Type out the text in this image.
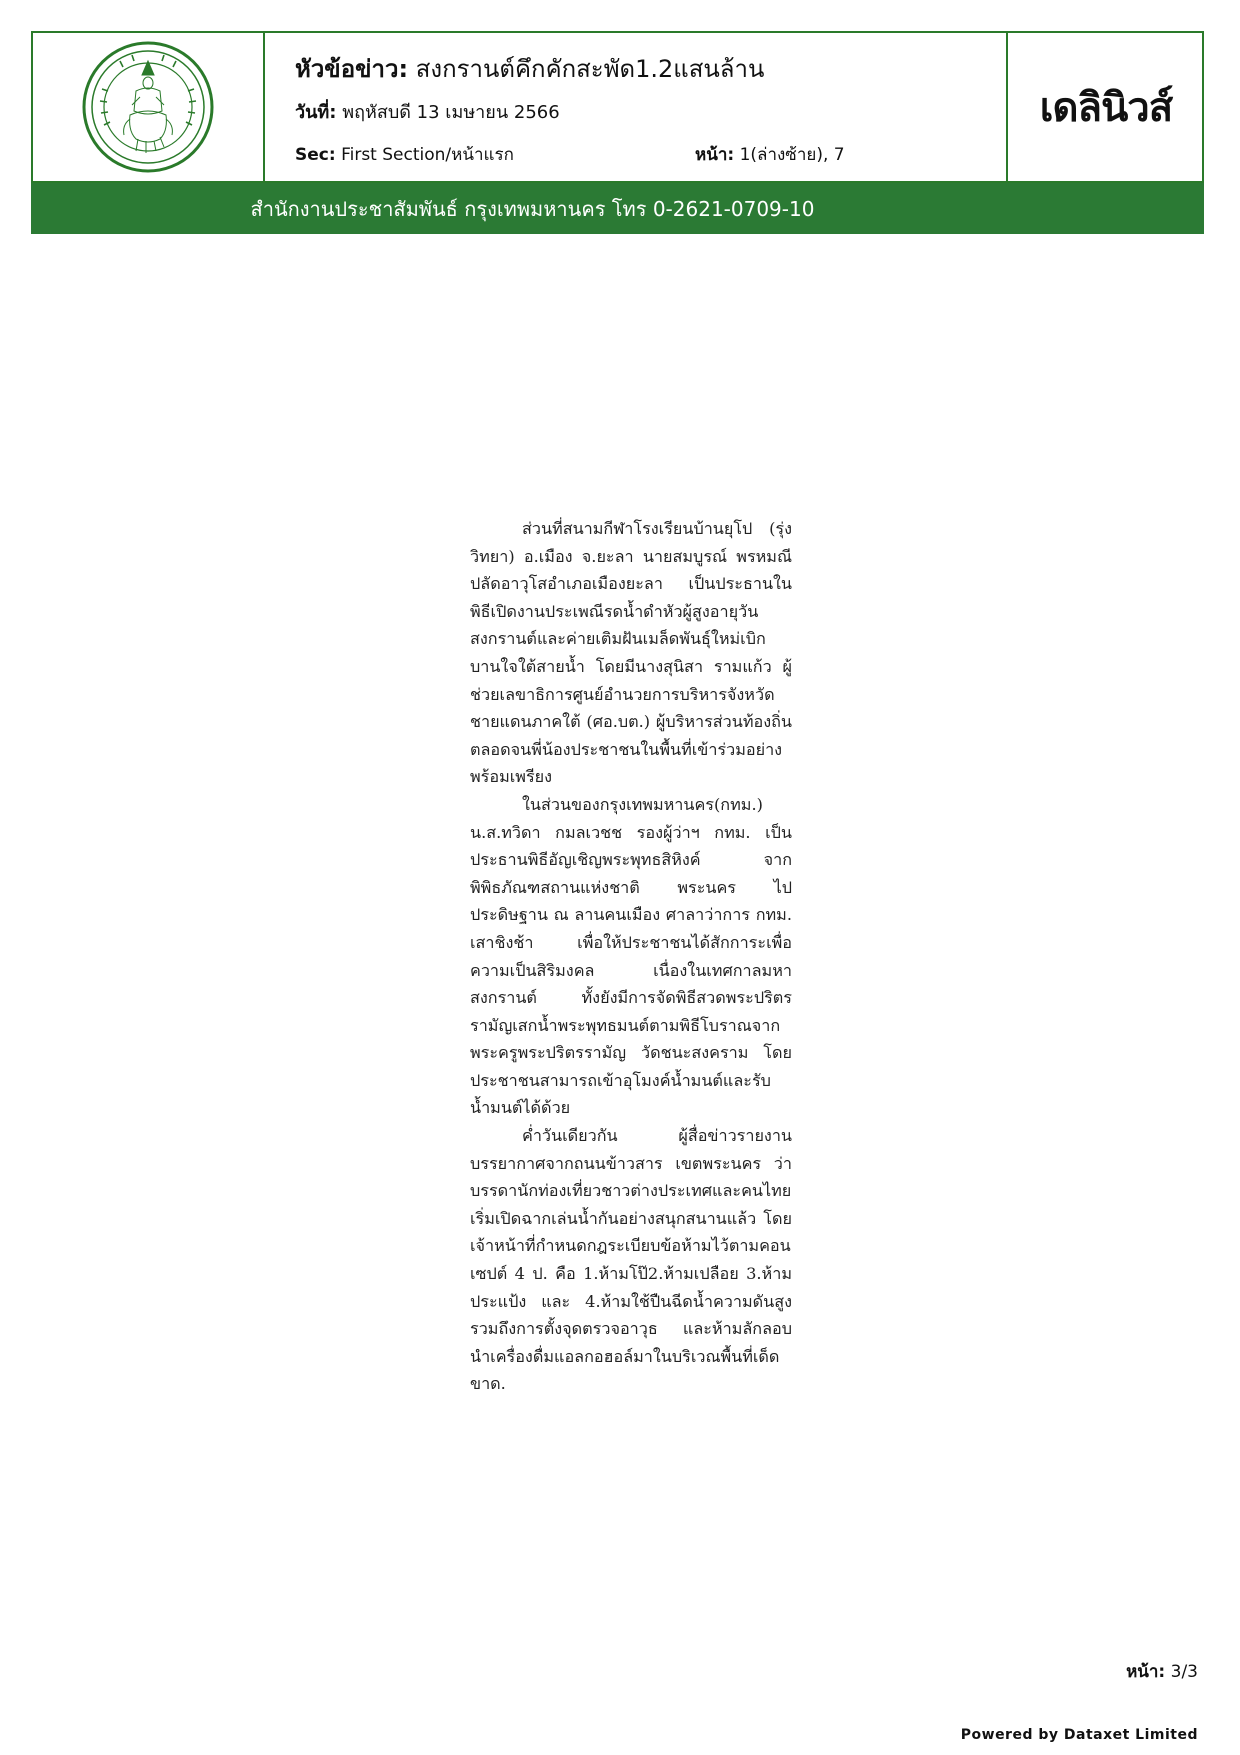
หัวข้อข่าว: สงกรานต์คึกคักสะพัด1.2แสนล้าน
วันที่: พฤหัสบดี 13 เมษายน 2566
Sec: First Section/หน้าแรก	หน้า: 1(ล่างซ้าย), 7
เดลินิวส์
สำนักงานประชาสัมพันธ์ กรุงเทพมหานคร โทร 0-2621-0709-10

ส่วนที่สนามกีฬาโรงเรียนบ้านยุโป (รุ่งวิทยา) อ.เมือง จ.ยะลา นายสมบูรณ์ พรหมณี ปลัดอาวุโสอำเภอเมืองยะลา เป็นประธานในพิธีเปิดงานประเพณีรดน้ำดำหัวผู้สูงอายุวันสงกรานต์และค่ายเติมฝันเมล็ดพันธุ์ใหม่เบิกบานใจใต้สายน้ำ โดยมีนางสุนิสา รามแก้ว ผู้ช่วยเลขาธิการศูนย์อำนวยการบริหารจังหวัดชายแดนภาคใต้ (ศอ.บต.) ผู้บริหารส่วนท้องถิ่น ตลอดจนพี่น้องประชาชนในพื้นที่เข้าร่วมอย่างพร้อมเพรียง

ในส่วนของกรุงเทพมหานคร(กทม.) น.ส.ทวิดา กมลเวชช รองผู้ว่าฯ กทม. เป็นประธานพิธีอัญเชิญพระพุทธสิหิงค์ จากพิพิธภัณฑสถานแห่งชาติ พระนคร ไปประดิษฐาน ณ ลานคนเมือง ศาลาว่าการ กทม. เสาชิงช้า เพื่อให้ประชาชนได้สักการะเพื่อความเป็นสิริมงคล เนื่องในเทศกาลมหาสงกรานต์ ทั้งยังมีการจัดพิธีสวดพระปริตรรามัญเสกน้ำพระพุทธมนต์ตามพิธีโบราณจากพระครูพระปริตรรามัญ วัดชนะสงคราม โดยประชาชนสามารถเข้าอุโมงค์น้ำมนต์และรับน้ำมนต์ได้ด้วย

ค่ำวันเดียวกัน ผู้สื่อข่าวรายงานบรรยากาศจากถนนข้าวสาร เขตพระนคร ว่า บรรดานักท่องเที่ยวชาวต่างประเทศและคนไทยเริ่มเปิดฉากเล่นน้ำกันอย่างสนุกสนานแล้ว โดยเจ้าหน้าที่กำหนดกฎระเบียบข้อห้ามไว้ตามคอนเซปต์ 4 ป. คือ 1.ห้ามโป๊2.ห้ามเปลือย 3.ห้ามประแป้ง และ 4.ห้ามใช้ปืนฉีดน้ำความดันสูง รวมถึงการตั้งจุดตรวจอาวุธ และห้ามลักลอบนำเครื่องดื่มแอลกอฮอล์มาในบริเวณพื้นที่เด็ดขาด.

หน้า: 3/3
Powered by Dataxet Limited
